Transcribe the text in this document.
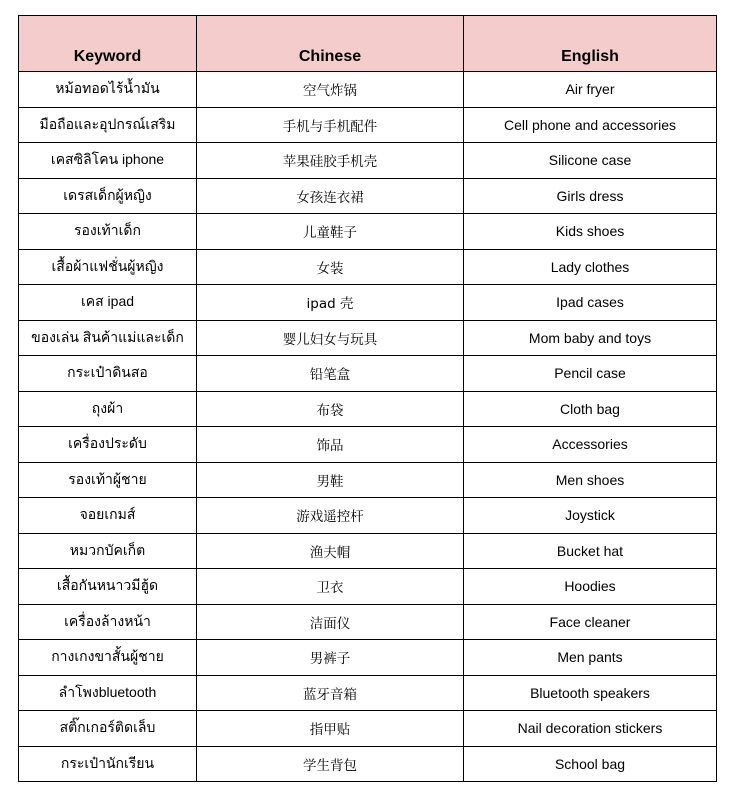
Keyword	Chinese	English
หม้อทอดไร้น้ำมัน	空气炸锅	Air fryer
มือถือและอุปกรณ์เสริม	手机与手机配件	Cell phone and accessories
เคสซิลิโคน iphone	苹果硅胶手机壳	Silicone case
เดรสเด็กผู้หญิง	女孩连衣裙	Girls dress
รองเท้าเด็ก	儿童鞋子	Kids shoes
เสื้อผ้าแฟชั่นผู้หญิง	女装	Lady clothes
เคส ipad	ipad 壳	Ipad cases
ของเล่น สินค้าแม่และเด็ก	婴儿妇女与玩具	Mom baby and toys
กระเป๋าดินสอ	铅笔盒	Pencil case
ถุงผ้า	布袋	Cloth bag
เครื่องประดับ	饰品	Accessories
รองเท้าผู้ชาย	男鞋	Men shoes
จอยเกมส์	游戏遥控杆	Joystick
หมวกบัคเก็ต	渔夫帽	Bucket hat
เสื้อกันหนาวมีฮู้ด	卫衣	Hoodies
เครื่องล้างหน้า	洁面仪	Face cleaner
กางเกงขาสั้นผู้ชาย	男裤子	Men pants
ลำโพงbluetooth	蓝牙音箱	Bluetooth speakers
สติ๊กเกอร์ติดเล็บ	指甲贴	Nail decoration stickers
กระเป๋านักเรียน	学生背包	School bag
